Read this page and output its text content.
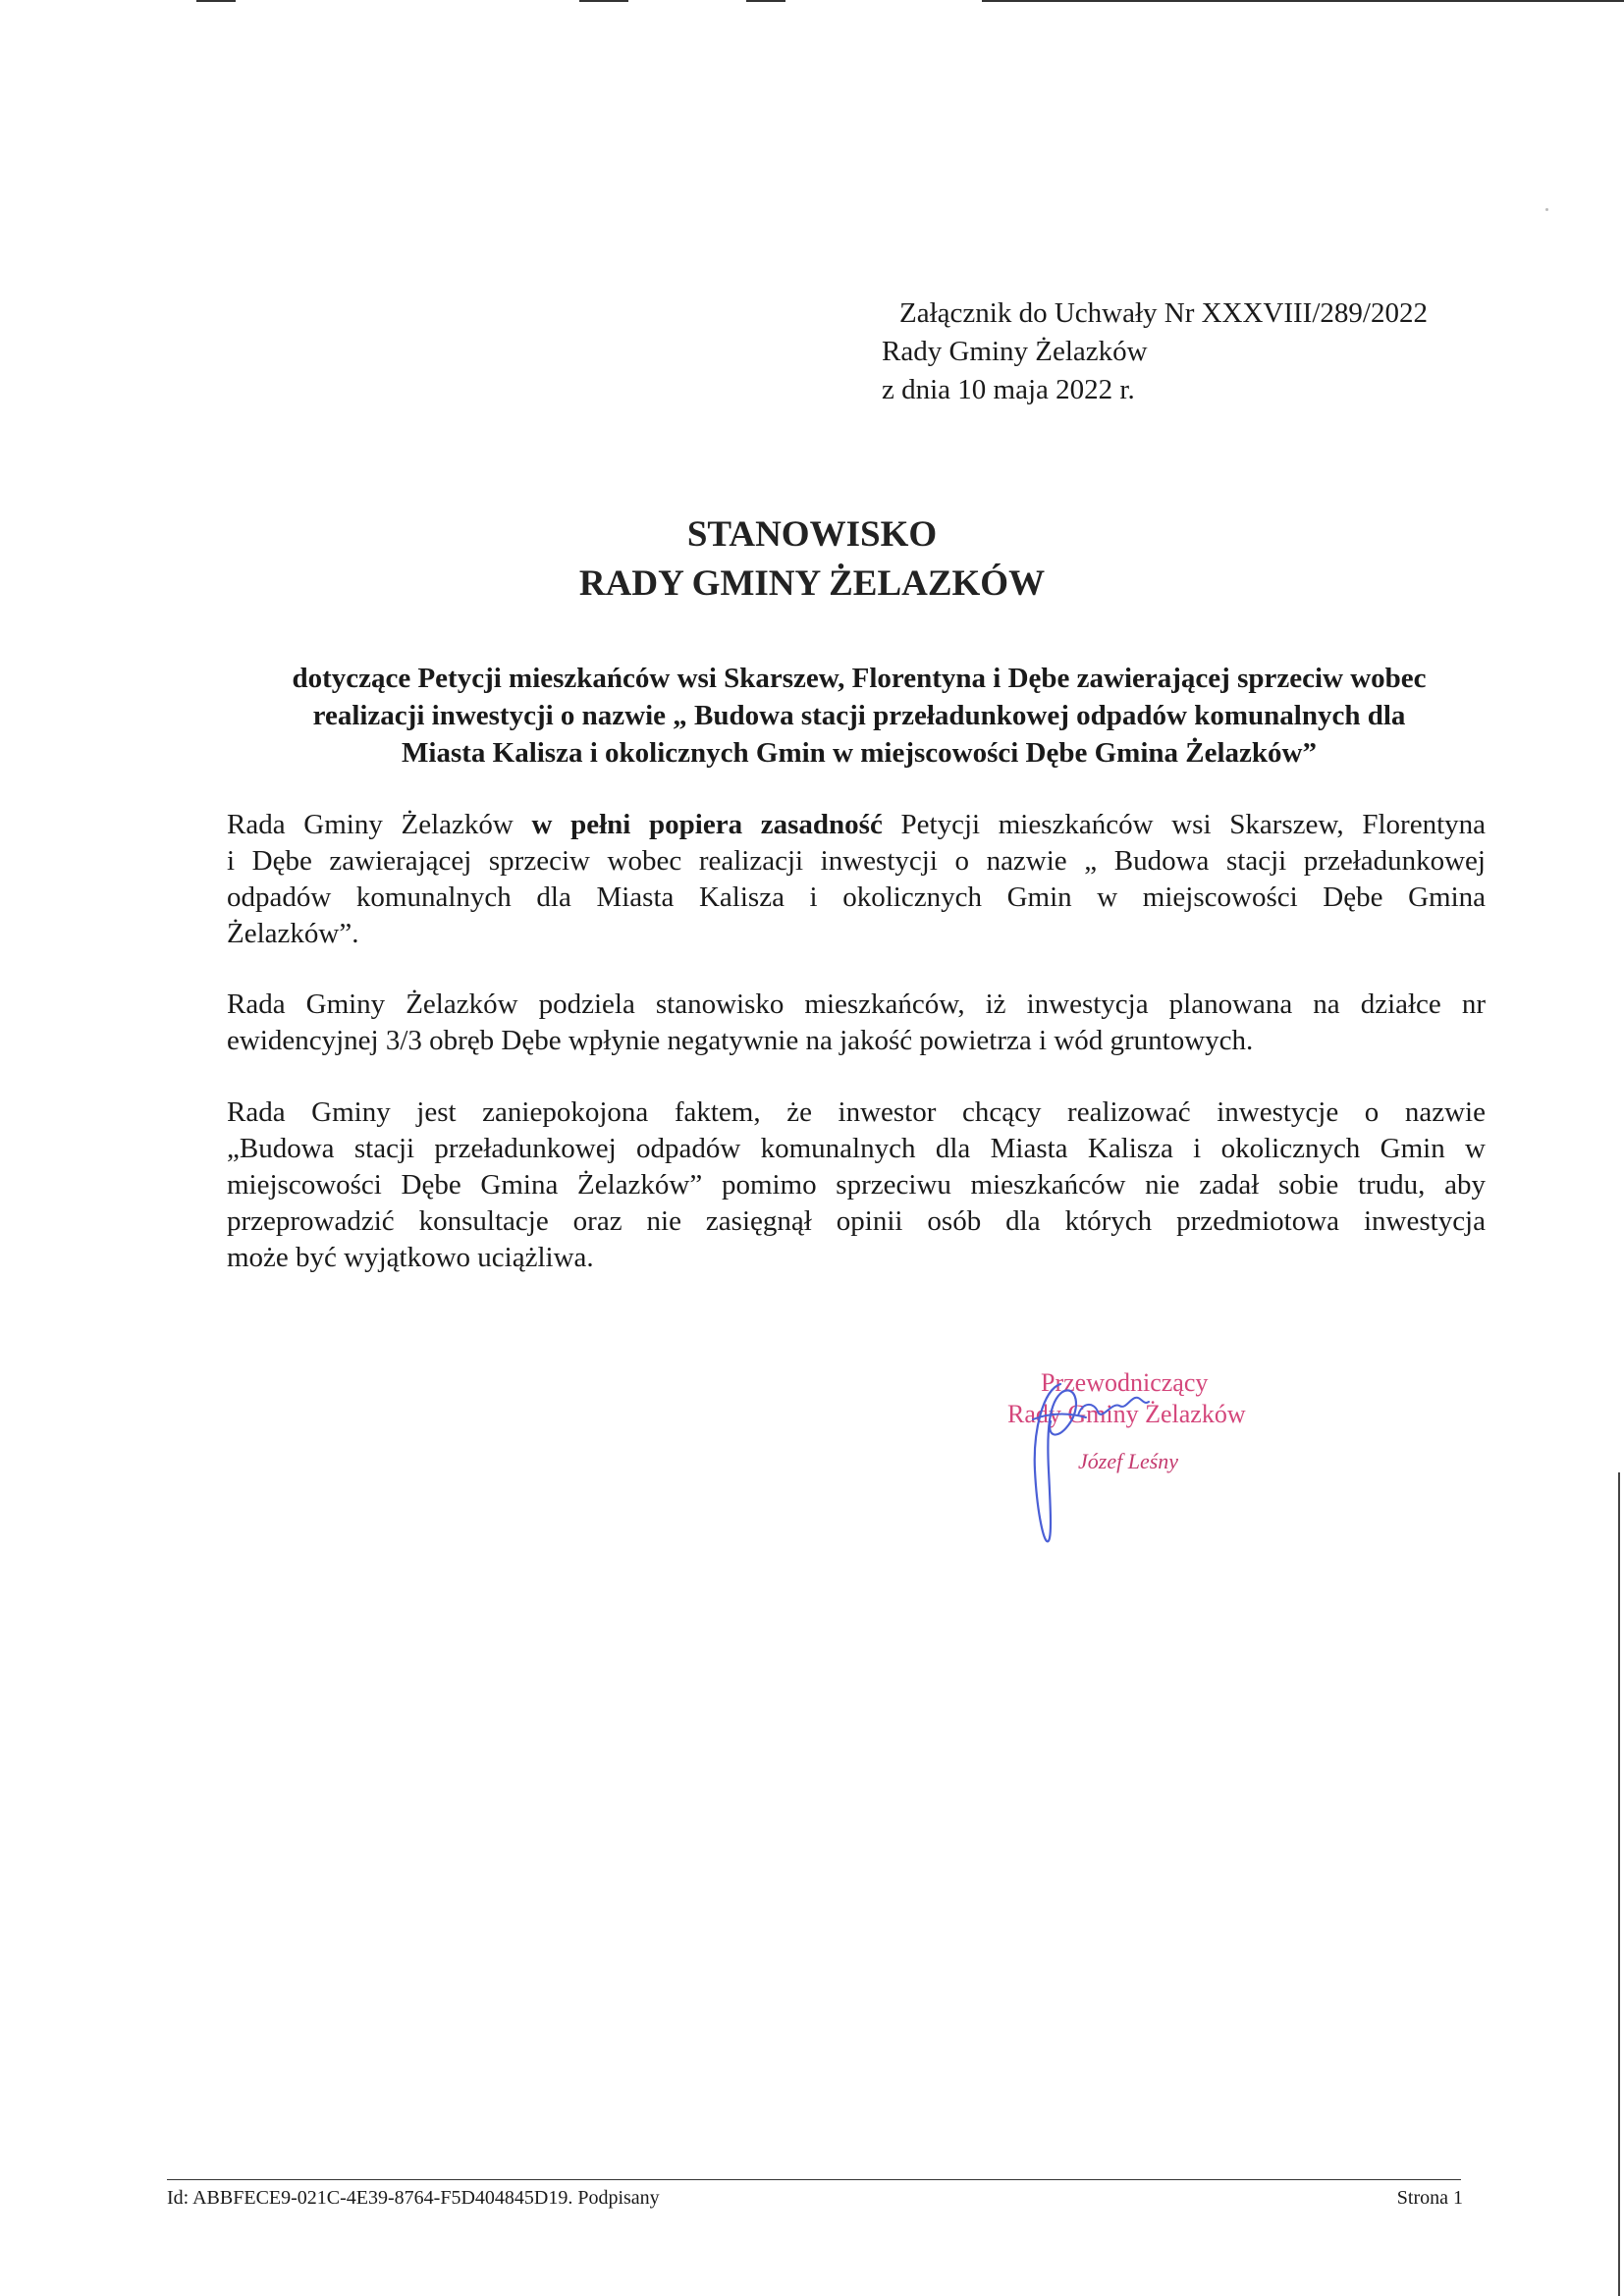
Załącznik do Uchwały Nr XXXVIII/289/2022
Rady Gminy Żelazków
z dnia 10 maja 2022 r.
STANOWISKO
RADY GMINY ŻELAZKÓW
dotyczące Petycji mieszkańców wsi Skarszew, Florentyna i Dębe zawierającej sprzeciw wobec
realizacji inwestycji o nazwie „ Budowa stacji przeładunkowej odpadów komunalnych dla
Miasta Kalisza i okolicznych Gmin w miejscowości Dębe Gmina Żelazków”
Rada Gminy Żelazków w pełni popiera zasadność Petycji mieszkańców wsi Skarszew, Florentyna
i Dębe zawierającej sprzeciw wobec realizacji inwestycji o nazwie „ Budowa stacji przeładunkowej
odpadów komunalnych dla Miasta Kalisza i okolicznych Gmin w miejscowości Dębe Gmina
Żelazków”.
Rada Gminy Żelazków podziela stanowisko mieszkańców, iż inwestycja planowana na działce nr
ewidencyjnej 3/3 obręb Dębe wpłynie negatywnie na jakość powietrza i wód gruntowych.
Rada Gminy jest zaniepokojona faktem, że inwestor chcący realizować inwestycje o nazwie
„Budowa stacji przeładunkowej odpadów komunalnych dla Miasta Kalisza i okolicznych Gmin w
miejscowości Dębe Gmina Żelazków” pomimo sprzeciwu mieszkańców nie zadał sobie trudu, aby
przeprowadzić konsultacje oraz nie zasięgnął opinii osób dla których przedmiotowa inwestycja
może być wyjątkowo uciążliwa.
Przewodniczący
Rady Gminy Żelazków
Józef Leśny
Id: ABBFECE9-021C-4E39-8764-F5D404845D19. Podpisany	Strona 1
